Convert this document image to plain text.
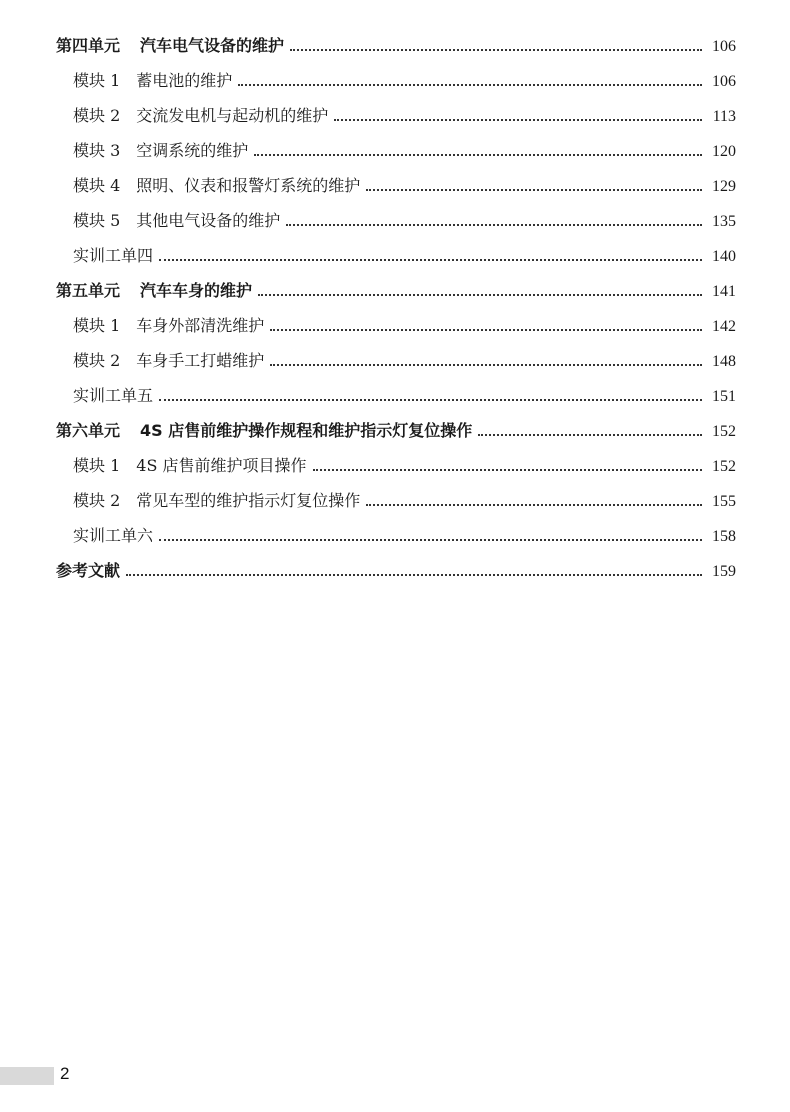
第四单元 汽车电气设备的维护	106
模块 1 蓄电池的维护	106
模块 2 交流发电机与起动机的维护	113
模块 3 空调系统的维护	120
模块 4 照明、仪表和报警灯系统的维护	129
模块 5 其他电气设备的维护	135
实训工单四	140
第五单元 汽车车身的维护	141
模块 1 车身外部清洗维护	142
模块 2 车身手工打蜡维护	148
实训工单五	151
第六单元 4S 店售前维护操作规程和维护指示灯复位操作	152
模块 1 4S 店售前维护项目操作	152
模块 2 常见车型的维护指示灯复位操作	155
实训工单六	158
参考文献	159
2
